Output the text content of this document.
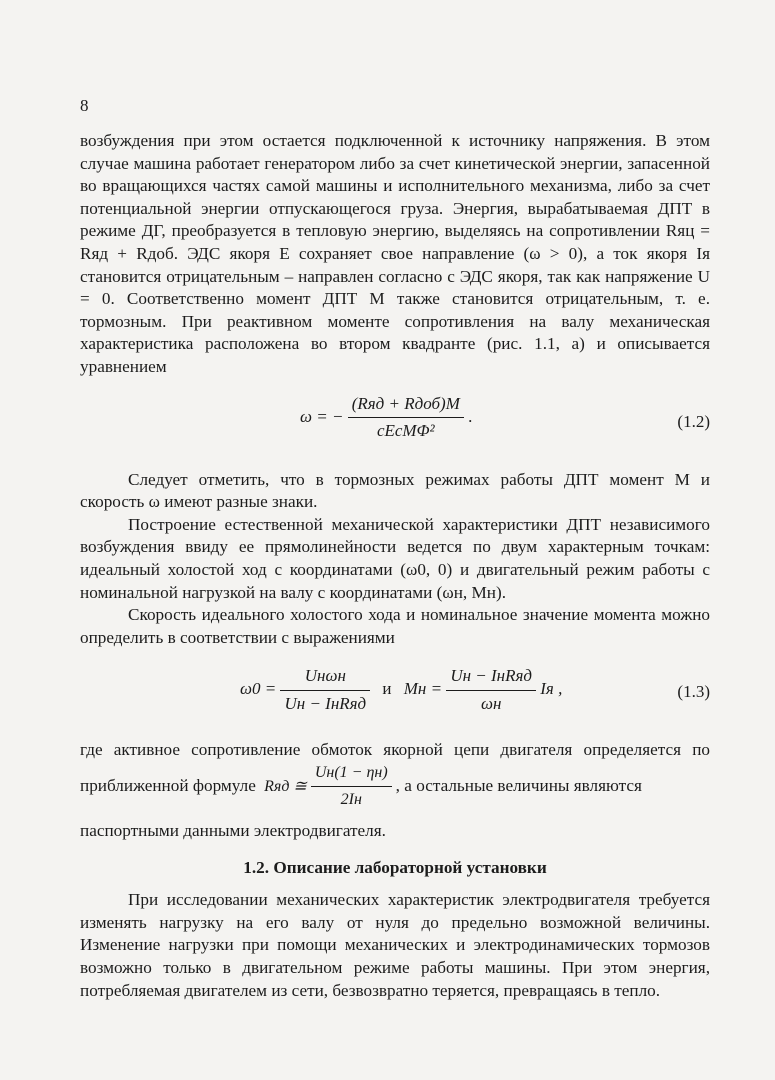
8

возбуждения при этом остается подключенной к источнику напряжения. В этом случае машина работает генератором либо за счет кинетической энергии, запасенной во вращающихся частях самой машины и исполнительного механизма, либо за счет потенциальной энергии отпускающегося груза. Энергия, вырабатываемая ДПТ в режиме ДГ, преобразуется в тепловую энергию, выделяясь на сопротивлении Rяц = Rяд + Rдоб. ЭДС якоря E сохраняет свое направление (ω > 0), а ток якоря Iя становится отрицательным – направлен согласно с ЭДС якоря, так как напряжение U = 0. Соответственно момент ДПТ M также становится отрицательным, т. е. тормозным. При реактивном моменте сопротивления на валу механическая характеристика расположена во втором квадранте (рис. 1.1, а) и описывается уравнением

ω = − $\frac{\text{(Rяд + Rдоб)M}}{\text{cEcMΦ²}}$ .	(1.2)

Следует отметить, что в тормозных режимах работы ДПТ момент M и скорость ω имеют разные знаки.

Построение естественной механической характеристики ДПТ независимого возбуждения ввиду ее прямолинейности ведется по двум характерным точкам: идеальный холостой ход с координатами (ω0, 0) и двигательный режим работы с номинальной нагрузкой на валу с координатами (ωн, Mн).

Скорость идеального холостого хода и номинальное значение момента можно определить в соответствии с выражениями

$\omega 0 = \frac{\text{Uнωн}}{\text{Uн − IнRяд}}$ и Mн = $\frac{\text{Uн − IнRяд}}{\omega н}$ Iя ,	(1.3)

где активное сопротивление обмоток якорной цепи двигателя определяется по приближенной формуле Rяд ≅ $\frac{Uн(1 - \eta н)}{2Iн}$ , а остальные величины являются

паспортными данными электродвигателя.

1.2. Описание лабораторной установки

При исследовании механических характеристик электродвигателя требуется изменять нагрузку на его валу от нуля до предельно возможной величины. Изменение нагрузки при помощи механических и электродинамических тормозов возможно только в двигательном режиме работы машины. При этом энергия, потребляемая двигателем из сети, безвозвратно теряется, превращаясь в тепло.
